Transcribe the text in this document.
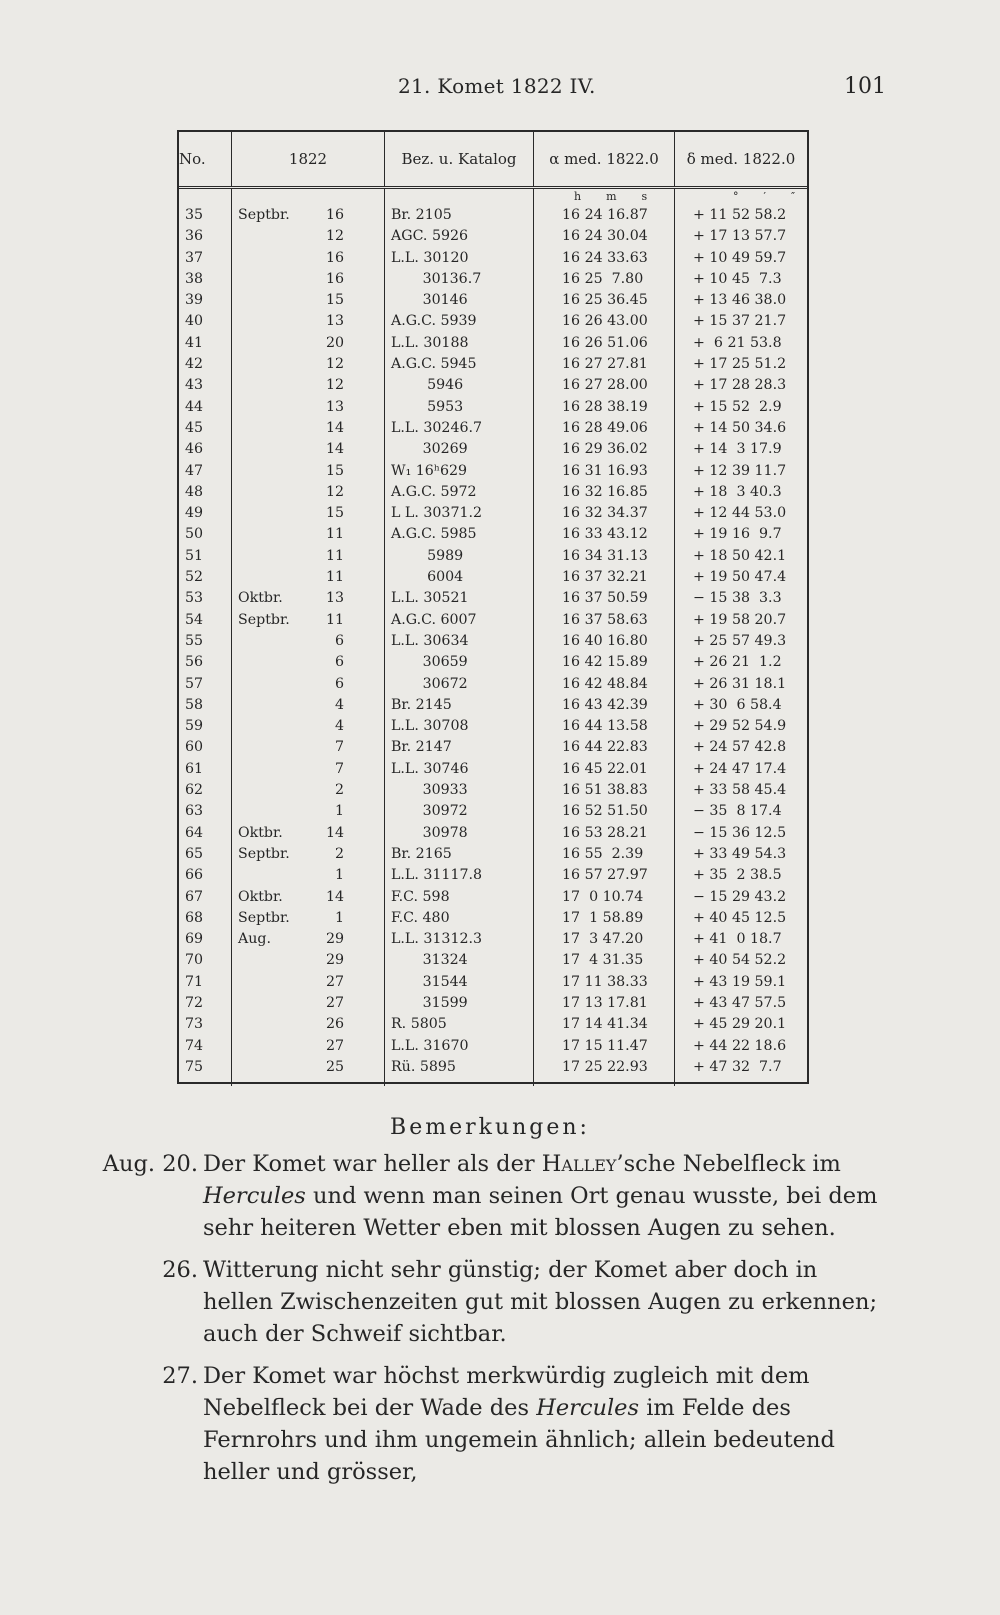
21. Komet 1822 IV.	101
No.	1822		Bez. u. Katalog	α med. 1822.0	δ med. 1822.0
				h  m  s	°  ′  ″
35	Septbr.	16	Br. 2105	16 24 16.87	+ 11 52 58.2
36		12	AGC. 5926	16 24 30.04	+ 17 13 57.7
37		16	L.L. 30120	16 24 33.63	+ 10 49 59.7
38		16	30136.7	16 25  7.80	+ 10 45  7.3
39		15	30146	16 25 36.45	+ 13 46 38.0
40		13	A.G.C. 5939	16 26 43.00	+ 15 37 21.7
41		20	L.L. 30188	16 26 51.06	+  6 21 53.8
42		12	A.G.C. 5945	16 27 27.81	+ 17 25 51.2
43		12	5946	16 27 28.00	+ 17 28 28.3
44		13	5953	16 28 38.19	+ 15 52  2.9
45		14	L.L. 30246.7	16 28 49.06	+ 14 50 34.6
46		14	30269	16 29 36.02	+ 14  3 17.9
47		15	W₁ 16ʰ629	16 31 16.93	+ 12 39 11.7
48		12	A.G.C. 5972	16 32 16.85	+ 18  3 40.3
49		15	L L. 30371.2	16 32 34.37	+ 12 44 53.0
50		11	A.G.C. 5985	16 33 43.12	+ 19 16  9.7
51		11	5989	16 34 31.13	+ 18 50 42.1
52		11	6004	16 37 32.21	+ 19 50 47.4
53	Oktbr.	13	L.L. 30521	16 37 50.59	− 15 38  3.3
54	Septbr.	11	A.G.C. 6007	16 37 58.63	+ 19 58 20.7
55		6	L.L. 30634	16 40 16.80	+ 25 57 49.3
56		6	30659	16 42 15.89	+ 26 21  1.2
57		6	30672	16 42 48.84	+ 26 31 18.1
58		4	Br. 2145	16 43 42.39	+ 30  6 58.4
59		4	L.L. 30708	16 44 13.58	+ 29 52 54.9
60		7	Br. 2147	16 44 22.83	+ 24 57 42.8
61		7	L.L. 30746	16 45 22.01	+ 24 47 17.4
62		2	30933	16 51 38.83	+ 33 58 45.4
63		1	30972	16 52 51.50	− 35  8 17.4
64	Oktbr.	14	30978	16 53 28.21	− 15 36 12.5
65	Septbr.	2	Br. 2165	16 55  2.39	+ 33 49 54.3
66		1	L.L. 31117.8	16 57 27.97	+ 35  2 38.5
67	Oktbr.	14	F.C. 598	17  0 10.74	− 15 29 43.2
68	Septbr.	1	F.C. 480	17  1 58.89	+ 40 45 12.5
69	Aug.	29	L.L. 31312.3	17  3 47.20	+ 41  0 18.7
70		29	31324	17  4 31.35	+ 40 54 52.2
71		27	31544	17 11 38.33	+ 43 19 59.1
72		27	31599	17 13 17.81	+ 43 47 57.5
73		26	R. 5805	17 14 41.34	+ 45 29 20.1
74		27	L.L. 31670	17 15 11.47	+ 44 22 18.6
75		25	Rü. 5895	17 25 22.93	+ 47 32  7.7
Bemerkungen:
Aug. 20. Der Komet war heller als der Halley’sche Nebelfleck im Hercules und wenn man seinen Ort genau wusste, bei dem sehr heiteren Wetter eben mit blossen Augen zu sehen.
26. Witterung nicht sehr günstig; der Komet aber doch in hellen Zwischenzeiten gut mit blossen Augen zu erkennen; auch der Schweif sichtbar.
27. Der Komet war höchst merkwürdig zugleich mit dem Nebelfleck bei der Wade des Hercules im Felde des Fernrohrs und ihm ungemein ähnlich; allein bedeutend heller und grösser,
